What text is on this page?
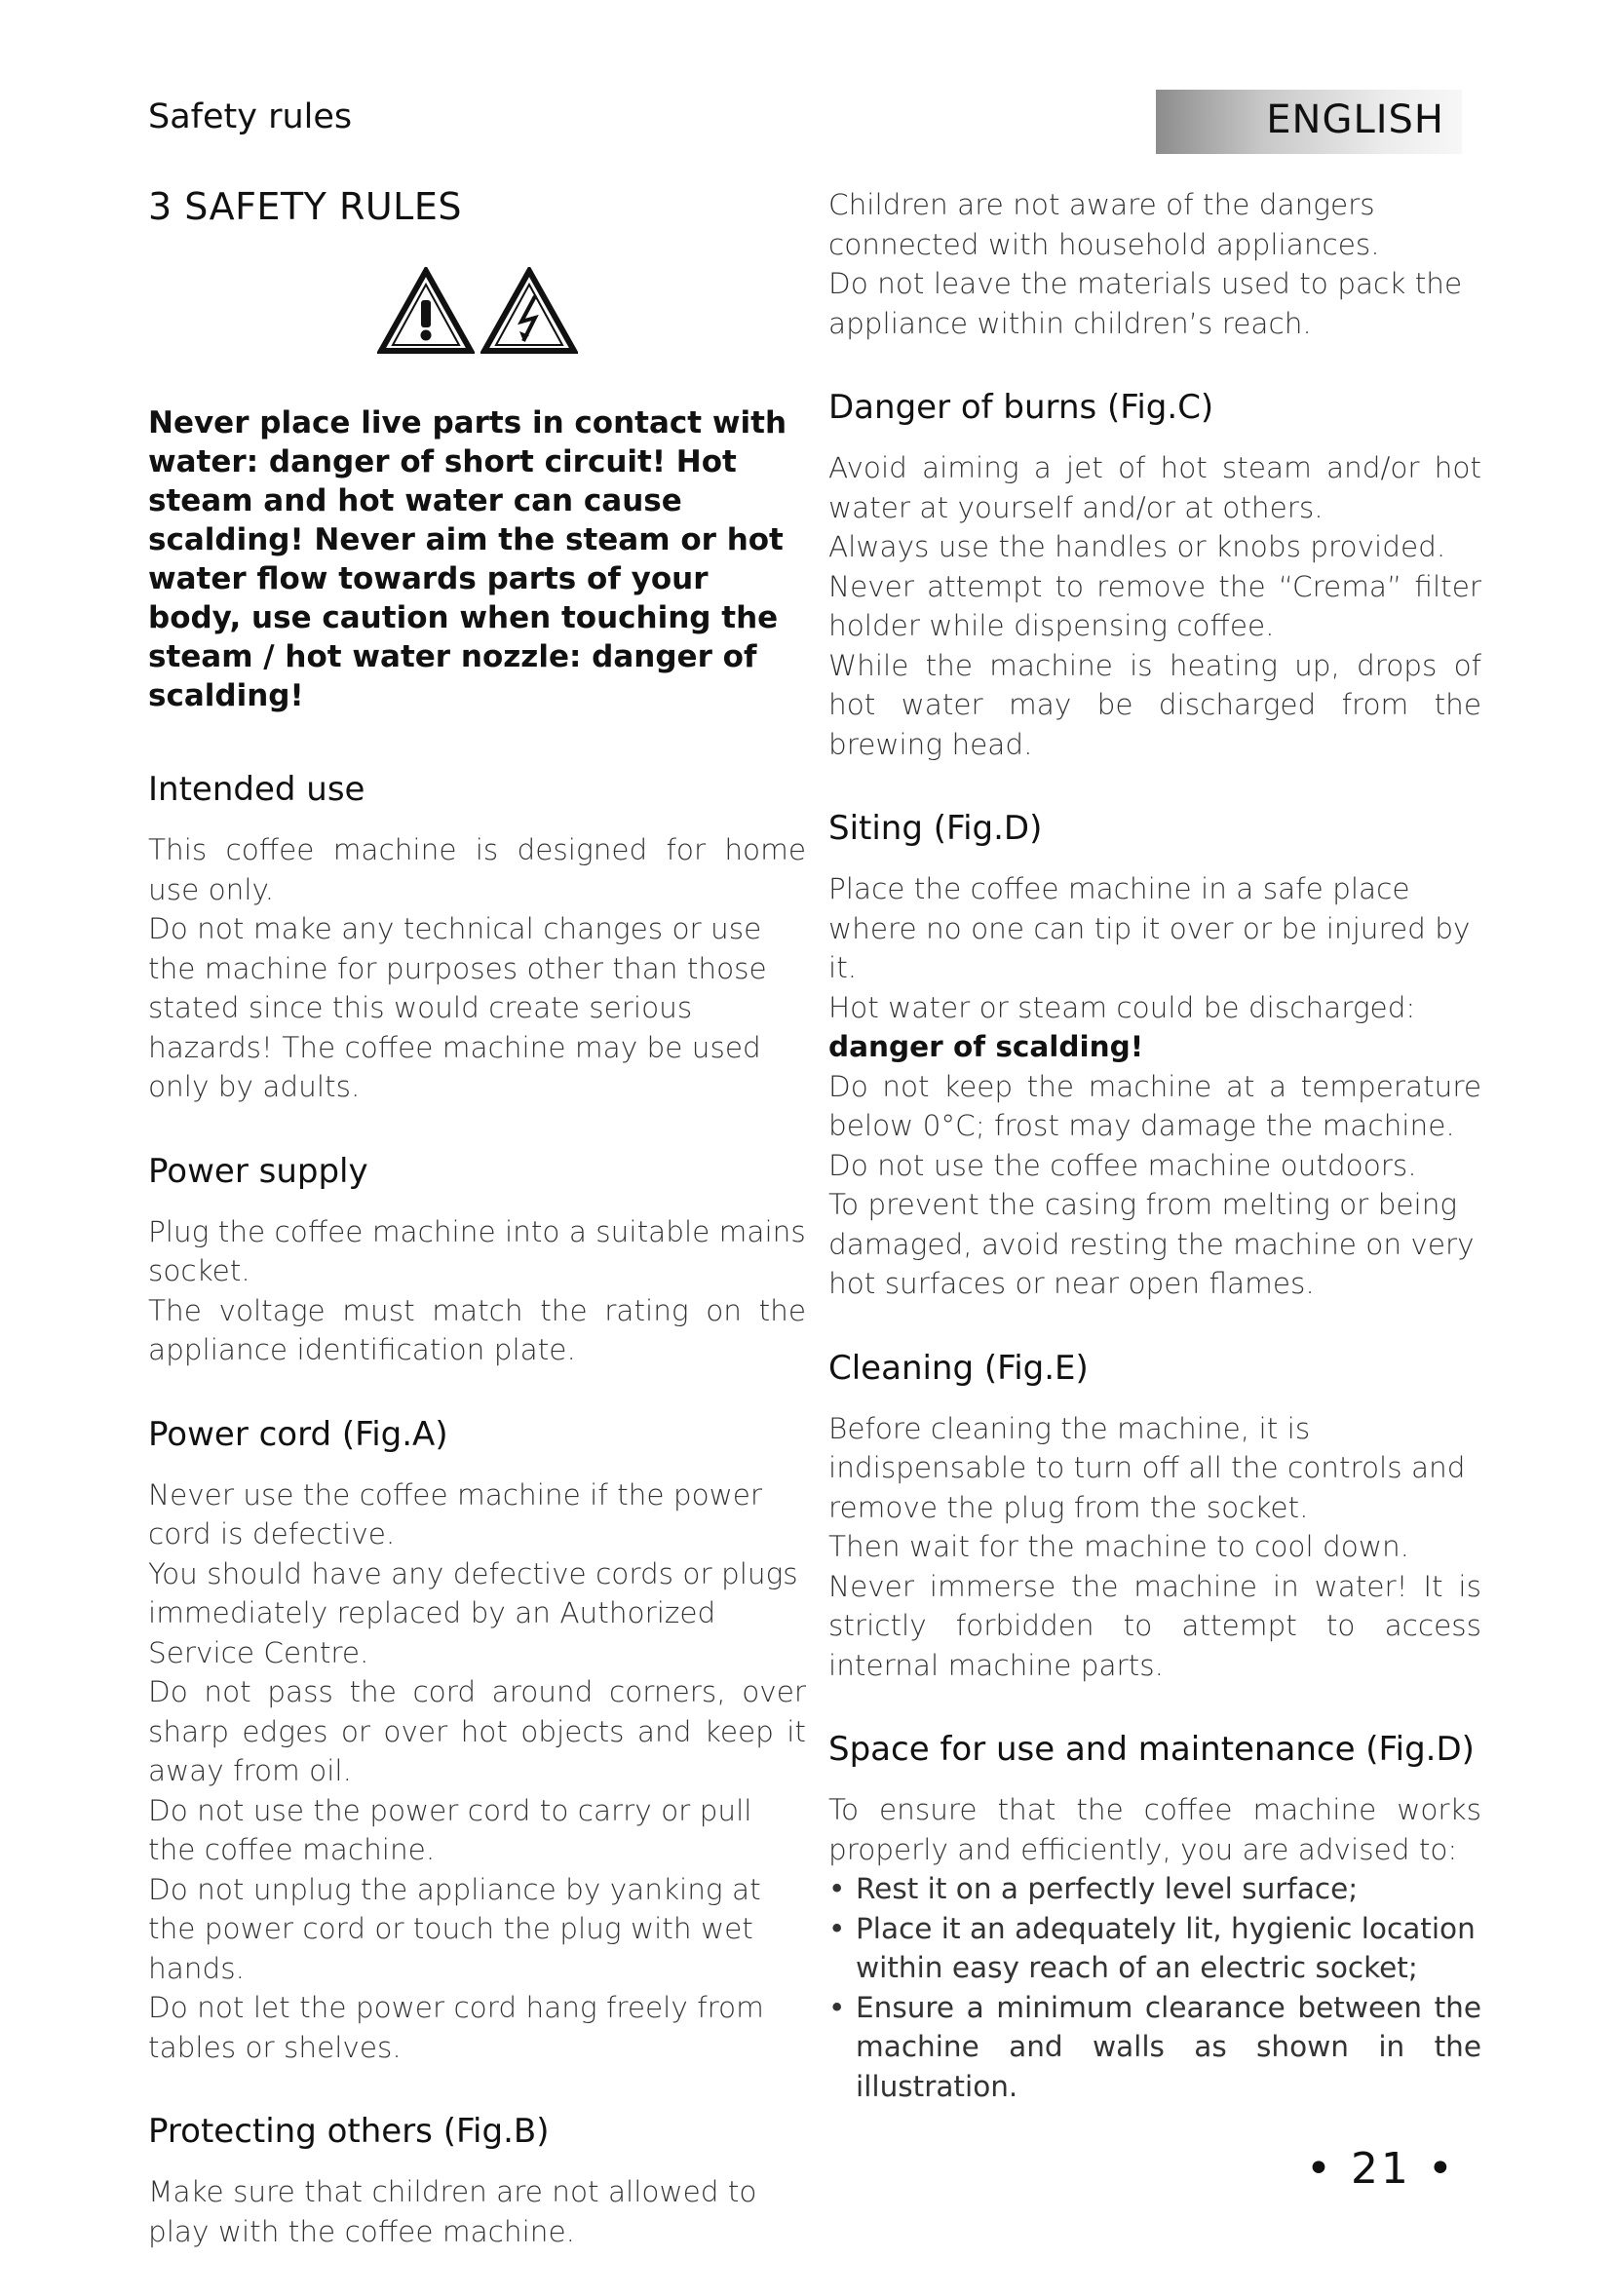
Safety rules	ENGLISH
3 SAFETY RULES

Never place live parts in contact with water: danger of short circuit! Hot steam and hot water can cause scalding! Never aim the steam or hot water flow towards parts of your body, use caution when touching the steam / hot water nozzle: danger of scalding!

Intended use

This coffee machine is designed for home use only.

Do not make any technical changes or use the machine for purposes other than those stated since this would create serious hazards! The coffee machine may be used only by adults.

Power supply

Plug the coffee machine into a suitable mains socket.

The voltage must match the rating on the appliance identification plate.

Power cord (Fig.A)

Never use the coffee machine if the power cord is defective.

You should have any defective cords or plugs immediately replaced by an Authorized Service Centre.

Do not pass the cord around corners, over sharp edges or over hot objects and keep it away from oil.

Do not use the power cord to carry or pull the coffee machine.

Do not unplug the appliance by yanking at the power cord or touch the plug with wet hands.

Do not let the power cord hang freely from tables or shelves.

Protecting others (Fig.B)

Make sure that children are not allowed to play with the coffee machine.

Children are not aware of the dangers connected with household appliances.

Do not leave the materials used to pack the appliance within children’s reach.

Danger of burns (Fig.C)

Avoid aiming a jet of hot steam and/or hot water at yourself and/or at others.

Always use the handles or knobs provided.

Never attempt to remove the “Crema” filter holder while dispensing coffee.

While the machine is heating up, drops of hot water may be discharged from the brewing head.

Siting (Fig.D)

Place the coffee machine in a safe place where no one can tip it over or be injured by it.

Hot water or steam could be discharged:

danger of scalding!

Do not keep the machine at a temperature below 0°C; frost may damage the machine.

Do not use the coffee machine outdoors.

To prevent the casing from melting or being damaged, avoid resting the machine on very hot surfaces or near open flames.

Cleaning (Fig.E)

Before cleaning the machine, it is indispensable to turn off all the controls and remove the plug from the socket.

Then wait for the machine to cool down.

Never immerse the machine in water! It is strictly forbidden to attempt to access internal machine parts.

Space for use and maintenance (Fig.D)

To ensure that the coffee machine works properly and efficiently, you are advised to:

• Rest it on a perfectly level surface;
• Place it an adequately lit, hygienic location within easy reach of an electric socket;
• Ensure a minimum clearance between the machine and walls as shown in the illustration.
• 21 •
